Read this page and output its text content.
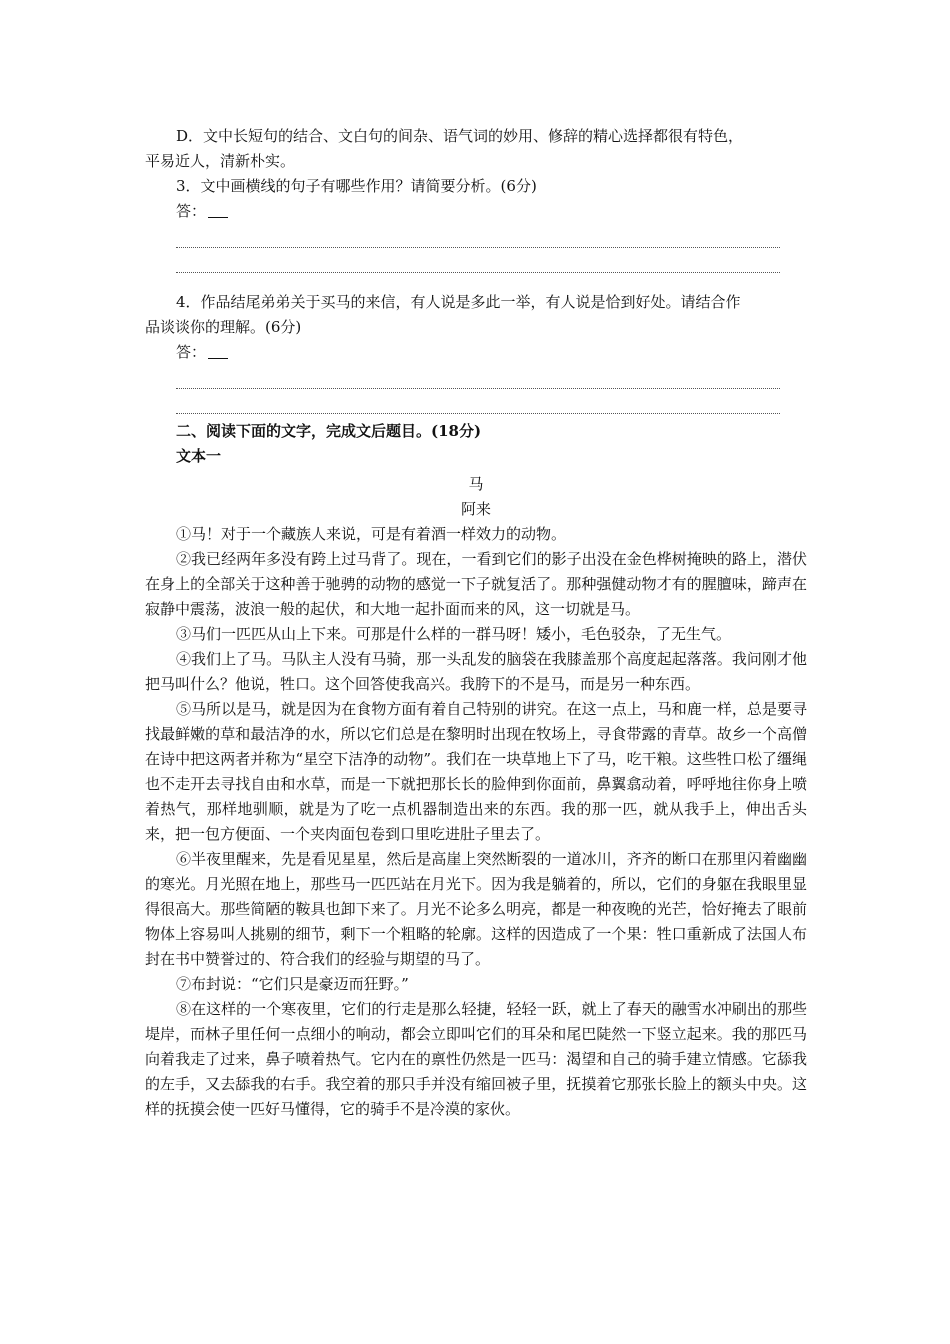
D．文中长短句的结合、文白句的间杂、语气词的妙用、修辞的精心选择都很有特色，

平易近人，清新朴实。

3．文中画横线的句子有哪些作用？请简要分析。(6分)

答：

4．作品结尾弟弟关于买马的来信，有人说是多此一举，有人说是恰到好处。请结合作

品谈谈你的理解。(6分)

答：

二、阅读下面的文字，完成文后题目。(18分)

文本一

马

阿来

①马！对于一个藏族人来说，可是有着酒一样效力的动物。

②我已经两年多没有跨上过马背了。现在，一看到它们的影子出没在金色桦树掩映的路上，潜伏在身上的全部关于这种善于驰骋的动物的感觉一下子就复活了。那种强健动物才有的腥膻味，蹄声在寂静中震荡，波浪一般的起伏，和大地一起扑面而来的风，这一切就是马。

③马们一匹匹从山上下来。可那是什么样的一群马呀！矮小，毛色驳杂，了无生气。

④我们上了马。马队主人没有马骑，那一头乱发的脑袋在我膝盖那个高度起起落落。我问刚才他把马叫什么？他说，牲口。这个回答使我高兴。我胯下的不是马，而是另一种东西。

⑤马所以是马，就是因为在食物方面有着自己特别的讲究。在这一点上，马和鹿一样，总是要寻找最鲜嫩的草和最洁净的水，所以它们总是在黎明时出现在牧场上，寻食带露的青草。故乡一个高僧在诗中把这两者并称为“星空下洁净的动物”。我们在一块草地上下了马，吃干粮。这些牲口松了缰绳也不走开去寻找自由和水草，而是一下就把那长长的脸伸到你面前，鼻翼翕动着，呼呼地往你身上喷着热气，那样地驯顺，就是为了吃一点机器制造出来的东西。我的那一匹，就从我手上，伸出舌头来，把一包方便面、一个夹肉面包卷到口里吃进肚子里去了。

⑥半夜里醒来，先是看见星星，然后是高崖上突然断裂的一道冰川，齐齐的断口在那里闪着幽幽的寒光。月光照在地上，那些马一匹匹站在月光下。因为我是躺着的，所以，它们的身躯在我眼里显得很高大。那些简陋的鞍具也卸下来了。月光不论多么明亮，都是一种夜晚的光芒，恰好掩去了眼前物体上容易叫人挑剔的细节，剩下一个粗略的轮廓。这样的因造成了一个果：牲口重新成了法国人布封在书中赞誉过的、符合我们的经验与期望的马了。

⑦布封说：“它们只是豪迈而狂野。”

⑧在这样的一个寒夜里，它们的行走是那么轻捷，轻轻一跃，就上了春天的融雪水冲刷出的那些堤岸，而林子里任何一点细小的响动，都会立即叫它们的耳朵和尾巴陡然一下竖立起来。我的那匹马向着我走了过来，鼻子喷着热气。它内在的禀性仍然是一匹马：渴望和自己的骑手建立情感。它舔我的左手，又去舔我的右手。我空着的那只手并没有缩回被子里，抚摸着它那张长脸上的额头中央。这样的抚摸会使一匹好马懂得，它的骑手不是冷漠的家伙。
